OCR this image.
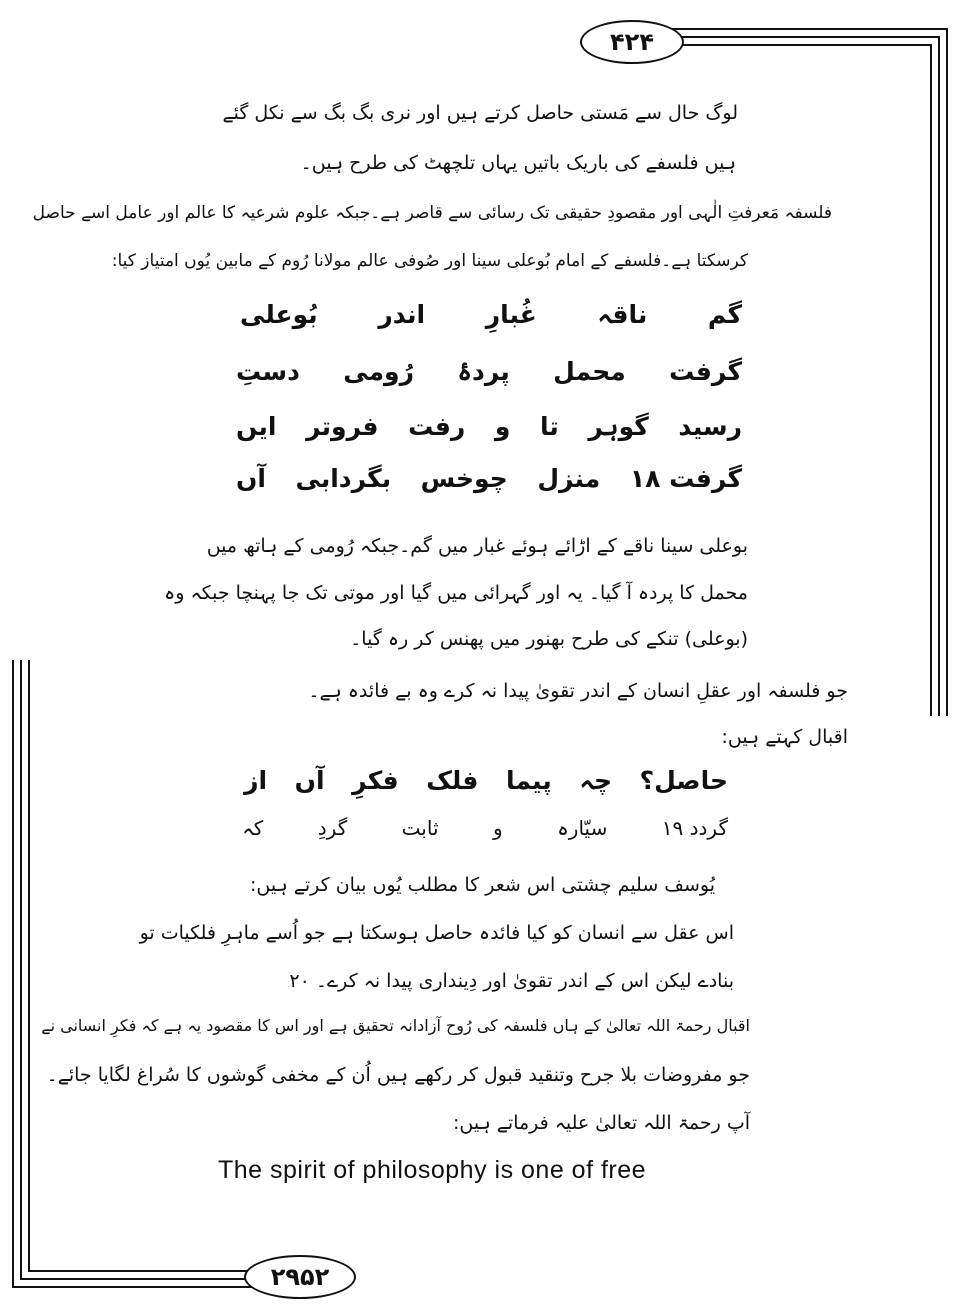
۴۲۴
۲۹۵۲
لوگ حال سے مَستی حاصل کرتے ہیں اور نری بگ بگ سے نکل گئے
ہیں فلسفے کی باریک باتیں یہاں تلچھٹ کی طرح ہیں۔
فلسفہ مَعرفتِ الٰہی اور مقصودِ حقیقی تک رسائی سے قاصر ہے۔جبکہ علوم شرعیہ کا عالم اور عامل اسے حاصل
کرسکتا ہے۔فلسفے کے امام بُوعلی سینا اور صُوفی عالم مولانا رُوم کے مابین یُوں امتیاز کیا:
بُوعلی اندر غُبارِ ناقہ گم
دستِ رُومی پردۂ محمل گرفت
ایں فروتر رفت و تا گوہر رسید
آں بگردابی چوخس منزل گرفت ۱۸
بوعلی سینا ناقے کے اڑائے ہوئے غبار میں گم۔جبکہ رُومی کے ہاتھ میں
محمل کا پردہ آ گیا۔ یہ اور گہرائی میں گیا اور موتی تک جا پہنچا جبکہ وہ
(بوعلی) تنکے کی طرح بھنور میں پھنس کر رہ گیا۔
جو فلسفہ اور عقلِ انسان کے اندر تقویٰ پیدا نہ کرے وہ بے فائدہ ہے۔
اقبال کہتے ہیں:
از آں فکرِ فلک پیما چہ حاصل؟
کہ	گردِ	ثابت	و	سیّارہ	گردد ۱۹
یُوسف سلیم چشتی اس شعر کا مطلب یُوں بیان کرتے ہیں:
اس عقل سے انسان کو کیا فائدہ حاصل ہوسکتا ہے جو اُسے ماہرِ فلکیات تو
بنادے لیکن اس کے اندر تقویٰ اور دِینداری پیدا نہ کرے۔ ۲۰
اقبال رحمۃ اللہ تعالیٰ کے ہاں فلسفہ کی رُوح آزادانہ تحقیق ہے اور اس کا مقصود یہ ہے کہ فکرِ انسانی نے
جو مفروضات بلا جرح وتنقید قبول کر رکھے ہیں اُن کے مخفی گوشوں کا سُراغ لگایا جائے۔
آپ رحمۃ اللہ تعالیٰ علیہ فرماتے ہیں:
The spirit of philosophy is one of free
